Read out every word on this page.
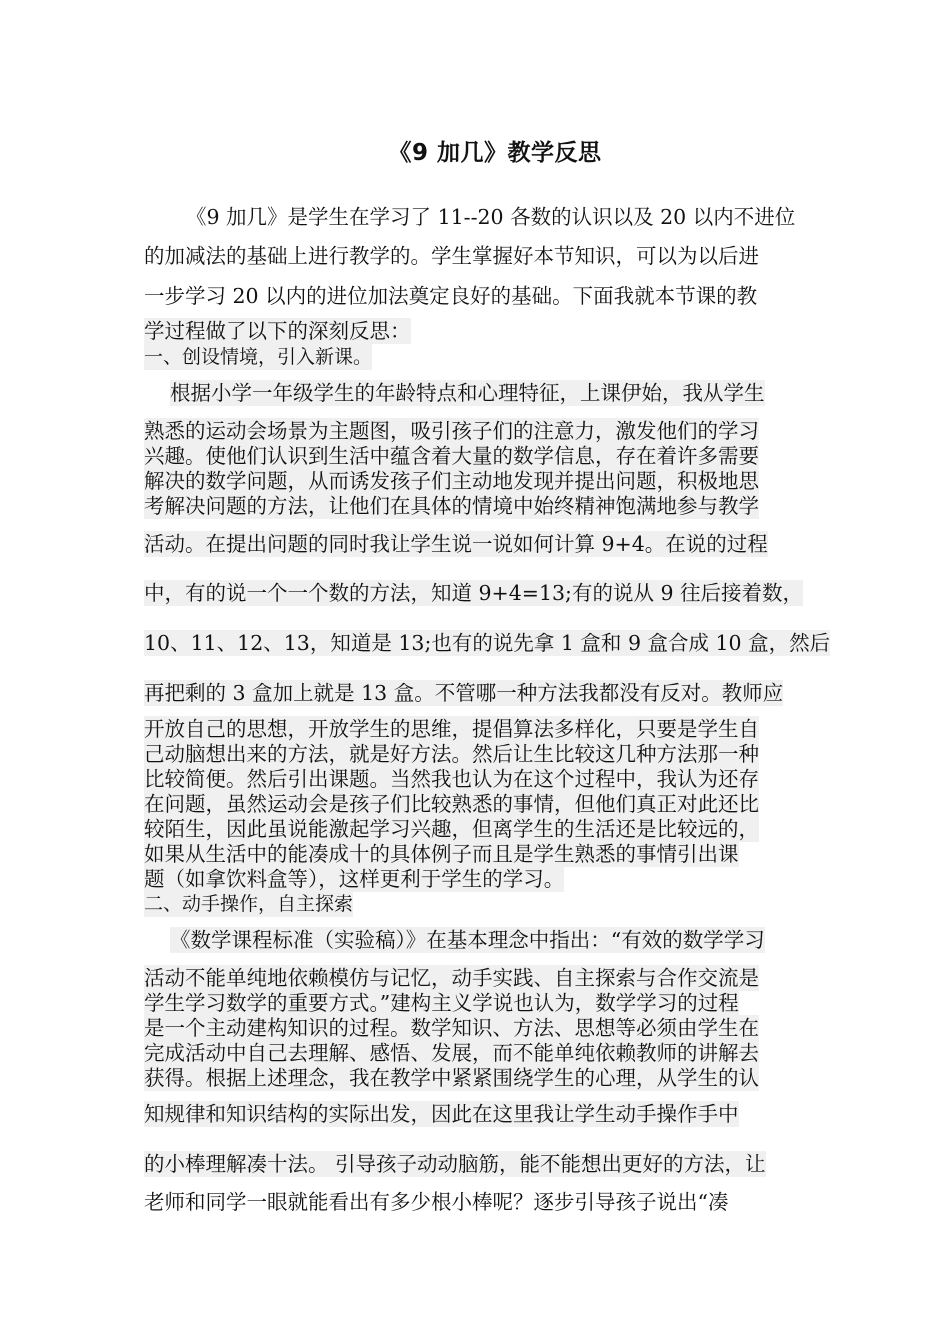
《9 加几》教学反思
《9 加几》是学生在学习了 11--20 各数的认识以及 20 以内不进位
的加减法的基础上进行教学的。学生掌握好本节知识，可以为以后进
一步学习 20 以内的进位加法奠定良好的基础。下面我就本节课的教
学过程做了以下的深刻反思：
一、创设情境，引入新课。
根据小学一年级学生的年龄特点和心理特征，上课伊始，我从学生
熟悉的运动会场景为主题图，吸引孩子们的注意力，激发他们的学习
兴趣。使他们认识到生活中蕴含着大量的数学信息，存在着许多需要
解决的数学问题，从而诱发孩子们主动地发现并提出问题，积极地思
考解决问题的方法，让他们在具体的情境中始终精神饱满地参与教学
活动。在提出问题的同时我让学生说一说如何计算 9+4。在说的过程
中，有的说一个一个数的方法，知道 9+4=13;有的说从 9 往后接着数，
10、11、12、13，知道是 13;也有的说先拿 1 盒和 9 盒合成 10 盒，然后
再把剩的 3 盒加上就是 13 盒。不管哪一种方法我都没有反对。教师应
开放自己的思想，开放学生的思维，提倡算法多样化，只要是学生自
己动脑想出来的方法，就是好方法。然后让生比较这几种方法那一种
比较简便。然后引出课题。当然我也认为在这个过程中，我认为还存
在问题，虽然运动会是孩子们比较熟悉的事情，但他们真正对此还比
较陌生，因此虽说能激起学习兴趣，但离学生的生活还是比较远的，
如果从生活中的能凑成十的具体例子而且是学生熟悉的事情引出课
题（如拿饮料盒等），这样更利于学生的学习。
二、动手操作，自主探索
《数学课程标准（实验稿）》在基本理念中指出：“有效的数学学习
活动不能单纯地依赖模仿与记忆，动手实践、自主探索与合作交流是
学生学习数学的重要方式。”建构主义学说也认为，数学学习的过程
是一个主动建构知识的过程。数学知识、方法、思想等必须由学生在
完成活动中自己去理解、感悟、发展，而不能单纯依赖教师的讲解去
获得。根据上述理念，我在教学中紧紧围绕学生的心理，从学生的认
知规律和知识结构的实际出发，因此在这里我让学生动手操作手中
的小棒理解凑十法。 引导孩子动动脑筋，能不能想出更好的方法，让
老师和同学一眼就能看出有多少根小棒呢？逐步引导孩子说出“凑
